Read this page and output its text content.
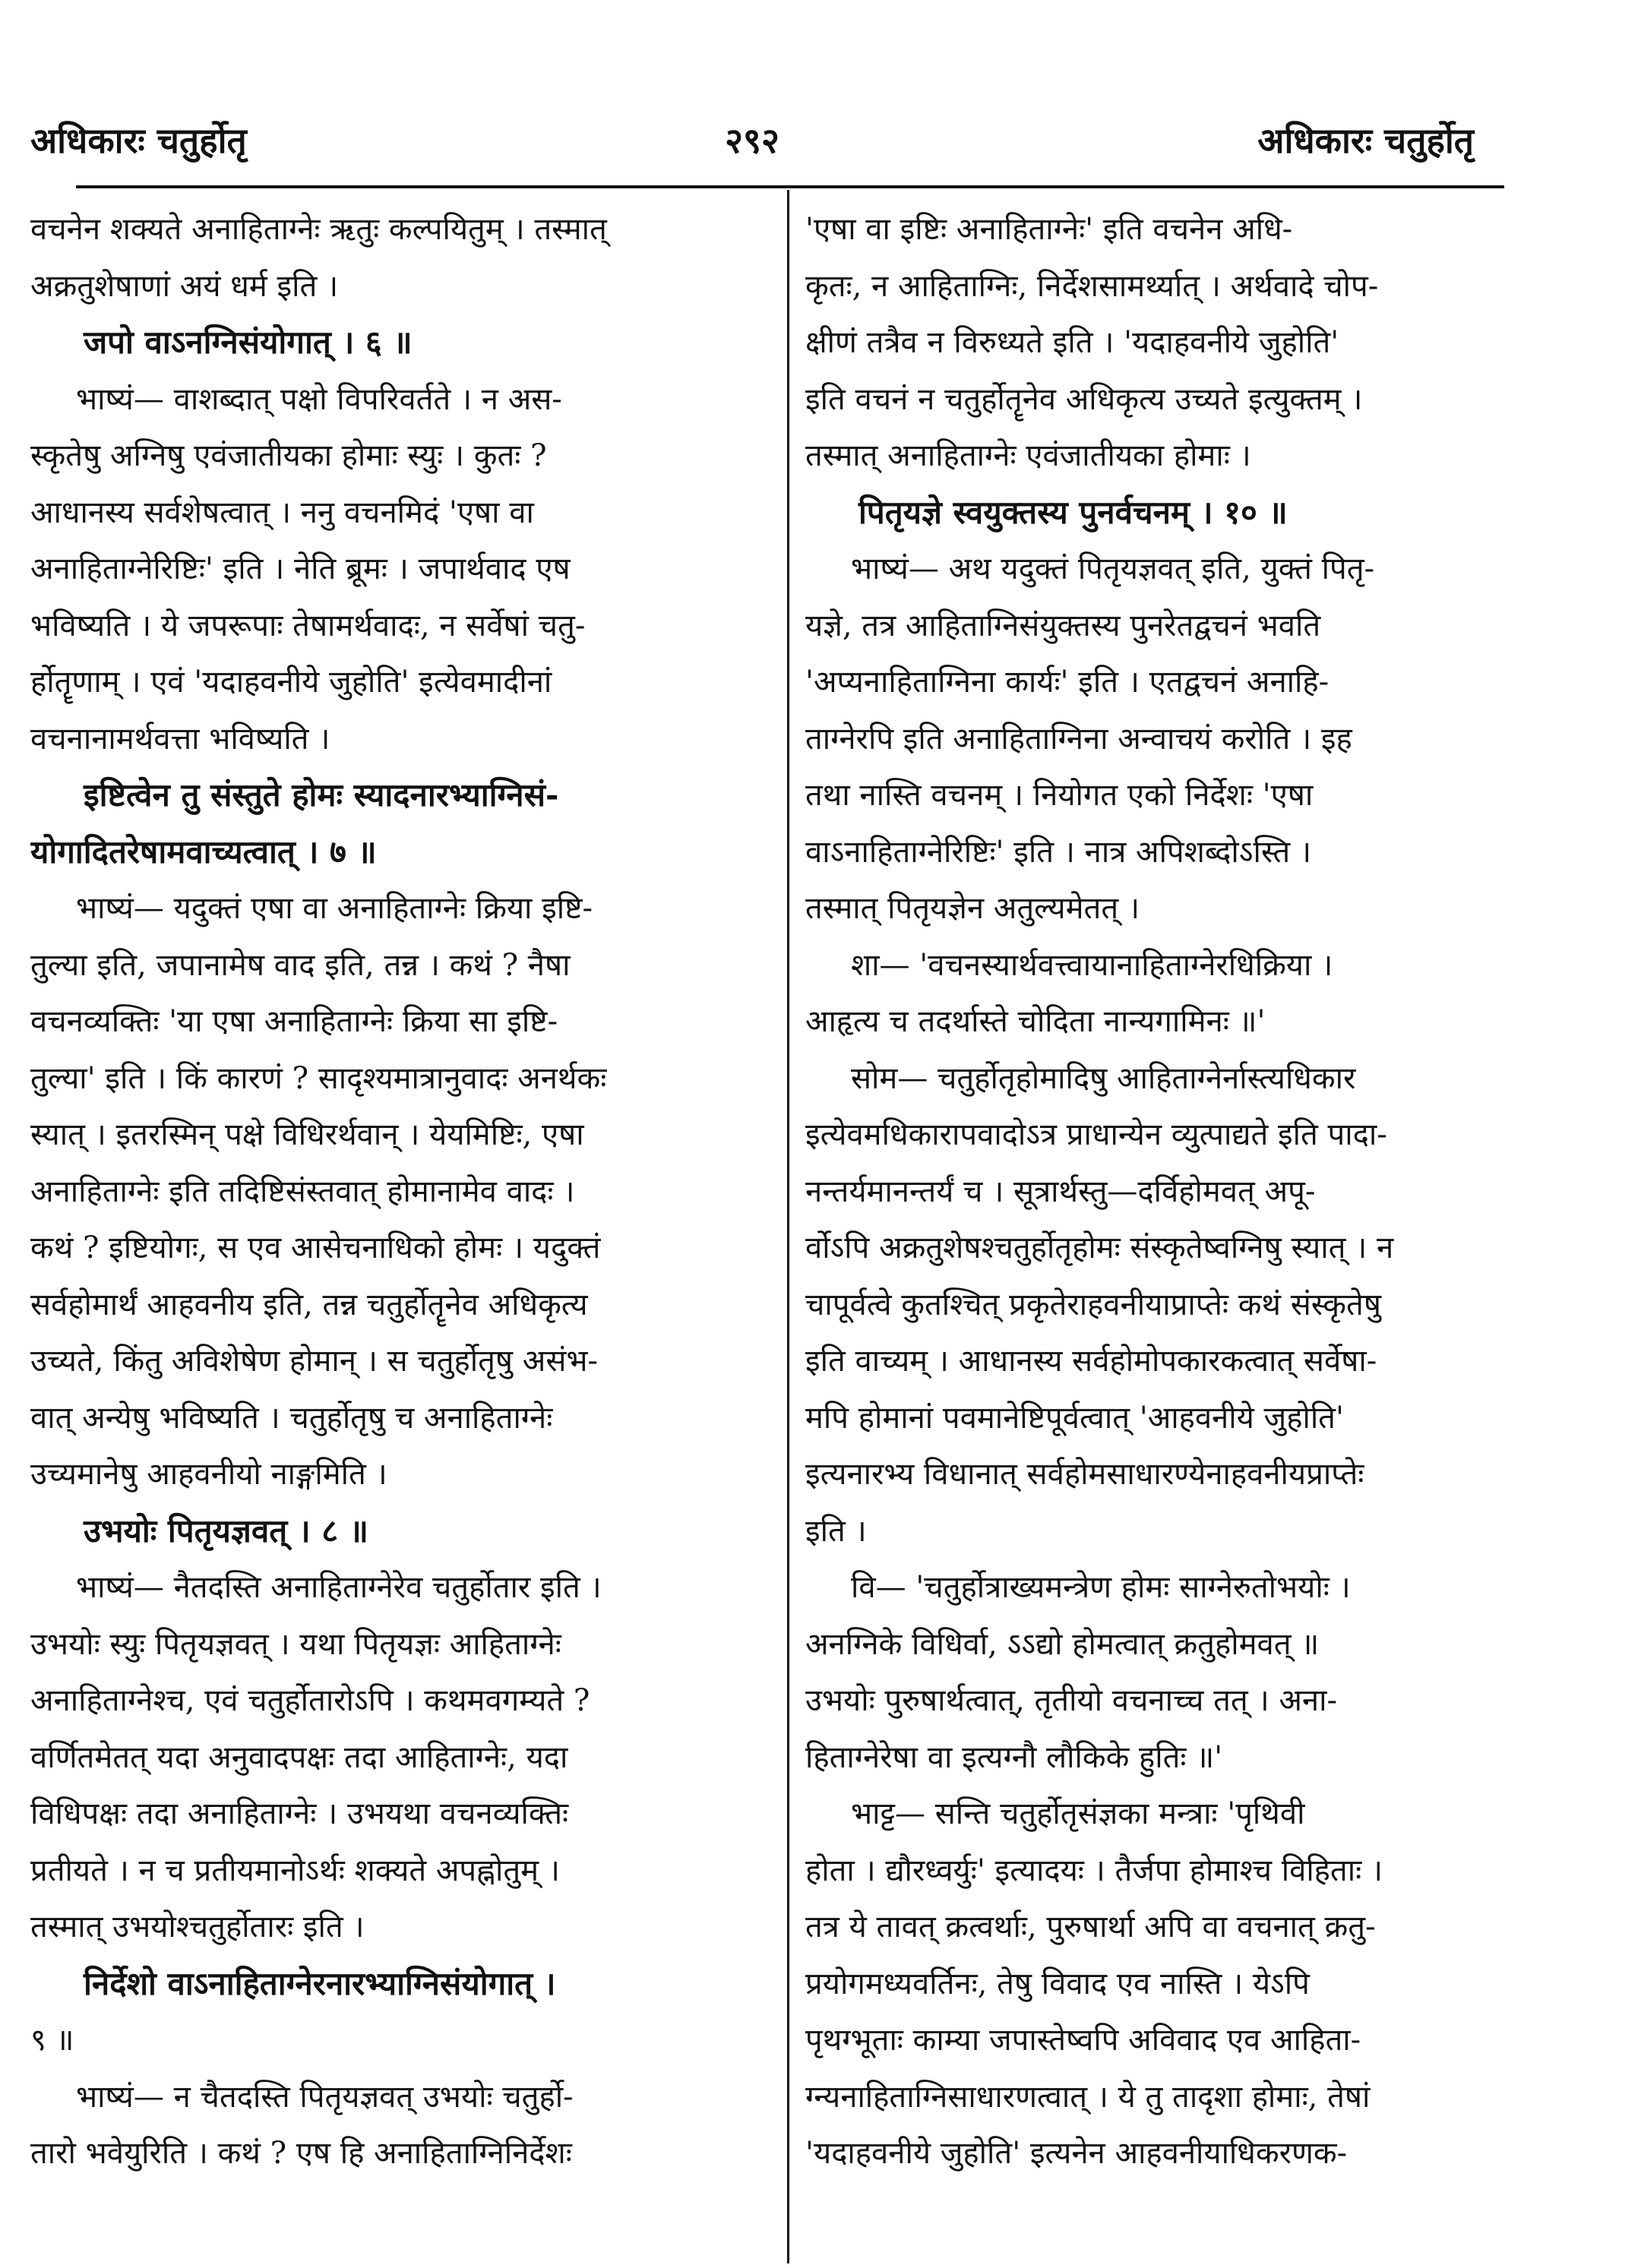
अधिकारः चतुर्होतृ	२९२	अधिकारः चतुर्होतृ
वचनेन शक्यते अनाहिताग्नेः ऋतुः कल्पयितुम् । तस्मात्
अक्रतुशेषाणां अयं धर्म इति ।
जपो वाऽनग्निसंयोगात् । ६ ॥
भाष्यं— वाशब्दात् पक्षो विपरिवर्तते । न अस-
स्कृतेषु अग्निषु एवंजातीयका होमाः स्युः । कुतः ?
आधानस्य सर्वशेषत्वात् । ननु वचनमिदं 'एषा वा
अनाहिताग्नेरिष्टिः' इति । नेति ब्रूमः । जपार्थवाद एष
भविष्यति । ये जपरूपाः तेषामर्थवादः, न सर्वेषां चतु-
र्होतॄणाम् । एवं 'यदाहवनीये जुहोति' इत्येवमादीनां
वचनानामर्थवत्ता भविष्यति ।
इष्टित्वेन तु संस्तुते होमः स्यादनारभ्याग्निसं-
योगादितरेषामवाच्यत्वात् । ७ ॥
भाष्यं— यदुक्तं एषा वा अनाहिताग्नेः क्रिया इष्टि-
तुल्या इति, जपानामेष वाद इति, तन्न । कथं ? नैषा
वचनव्यक्तिः 'या एषा अनाहिताग्नेः क्रिया सा इष्टि-
तुल्या' इति । किं कारणं ? सादृश्यमात्रानुवादः अनर्थकः
स्यात् । इतरस्मिन् पक्षे विधिरर्थवान् । येयमिष्टिः, एषा
अनाहिताग्नेः इति तदिष्टिसंस्तवात् होमानामेव वादः ।
कथं ? इष्टियोगः, स एव आसेचनाधिको होमः । यदुक्तं
सर्वहोमार्थं आहवनीय इति, तन्न चतुर्होतॄनेव अधिकृत्य
उच्यते, किंतु अविशेषेण होमान् । स चतुर्होतृषु असंभ-
वात् अन्येषु भविष्यति । चतुर्होतृषु च अनाहिताग्नेः
उच्यमानेषु आहवनीयो नाङ्गमिति ।
उभयोः पितृयज्ञवत् । ८ ॥
भाष्यं— नैतदस्ति अनाहिताग्नेरेव चतुर्होतार इति ।
उभयोः स्युः पितृयज्ञवत् । यथा पितृयज्ञः आहिताग्नेः
अनाहिताग्नेश्च, एवं चतुर्होतारोऽपि । कथमवगम्यते ?
वर्णितमेतत् यदा अनुवादपक्षः तदा आहिताग्नेः, यदा
विधिपक्षः तदा अनाहिताग्नेः । उभयथा वचनव्यक्तिः
प्रतीयते । न च प्रतीयमानोऽर्थः शक्यते अपह्नोतुम् ।
तस्मात् उभयोश्चतुर्होतारः इति ।
निर्देशो वाऽनाहिताग्नेरनारभ्याग्निसंयोगात् ।
९ ॥
भाष्यं— न चैतदस्ति पितृयज्ञवत् उभयोः चतुर्हो-
तारो भवेयुरिति । कथं ? एष हि अनाहिताग्निनिर्देशः
'एषा वा इष्टिः अनाहिताग्नेः' इति वचनेन अधि-
कृतः, न आहिताग्निः, निर्देशसामर्थ्यात् । अर्थवादे चोप-
क्षीणं तत्रैव न विरुध्यते इति । 'यदाहवनीये जुहोति'
इति वचनं न चतुर्होतॄनेव अधिकृत्य उच्यते इत्युक्तम् ।
तस्मात् अनाहिताग्नेः एवंजातीयका होमाः ।
पितृयज्ञे स्वयुक्तस्य पुनर्वचनम् । १० ॥
भाष्यं— अथ यदुक्तं पितृयज्ञवत् इति, युक्तं पितृ-
यज्ञे, तत्र आहिताग्निसंयुक्तस्य पुनरेतद्वचनं भवति
'अप्यनाहिताग्निना कार्यः' इति । एतद्वचनं अनाहि-
ताग्नेरपि इति अनाहिताग्निना अन्वाचयं करोति । इह
तथा नास्ति वचनम् । नियोगत एको निर्देशः 'एषा
वाऽनाहिताग्नेरिष्टिः' इति । नात्र अपिशब्दोऽस्ति ।
तस्मात् पितृयज्ञेन अतुल्यमेतत् ।
शा— 'वचनस्यार्थवत्त्वायानाहिताग्नेरधिक्रिया ।
आहृत्य च तदर्थास्ते चोदिता नान्यगामिनः ॥'
सोम— चतुर्होतृहोमादिषु आहिताग्नेर्नास्त्यधिकार
इत्येवमधिकारापवादोऽत्र प्राधान्येन व्युत्पाद्यते इति पादा-
नन्तर्यमानन्तर्यं च । सूत्रार्थस्तु—दर्विहोमवत् अपू-
र्वोऽपि अक्रतुशेषश्चतुर्होतृहोमः संस्कृतेष्वग्निषु स्यात् । न
चापूर्वत्वे कुतश्चित् प्रकृतेराहवनीयाप्राप्तेः कथं संस्कृतेषु
इति वाच्यम् । आधानस्य सर्वहोमोपकारकत्वात् सर्वेषा-
मपि होमानां पवमानेष्टिपूर्वत्वात् 'आहवनीये जुहोति'
इत्यनारभ्य विधानात् सर्वहोमसाधारण्येनाहवनीयप्राप्तेः
इति ।
वि— 'चतुर्होत्राख्यमन्त्रेण होमः साग्नेरुतोभयोः ।
अनग्निके विधिर्वा, ऽऽद्यो होमत्वात् क्रतुहोमवत् ॥
उभयोः पुरुषार्थत्वात्, तृतीयो वचनाच्च तत् । अना-
हिताग्नेरेषा वा इत्यग्नौ लौकिके हुतिः ॥'
भाट्ट— सन्ति चतुर्होतृसंज्ञका मन्त्राः 'पृथिवी
होता । द्यौरध्वर्युः' इत्यादयः । तैर्जपा होमाश्च विहिताः ।
तत्र ये तावत् क्रत्वर्थाः, पुरुषार्था अपि वा वचनात् क्रतु-
प्रयोगमध्यवर्तिनः, तेषु विवाद एव नास्ति । येऽपि
पृथग्भूताः काम्या जपास्तेष्वपि अविवाद एव आहिता-
ग्न्यनाहिताग्निसाधारणत्वात् । ये तु तादृशा होमाः, तेषां
'यदाहवनीये जुहोति' इत्यनेन आहवनीयाधिकरणक-
